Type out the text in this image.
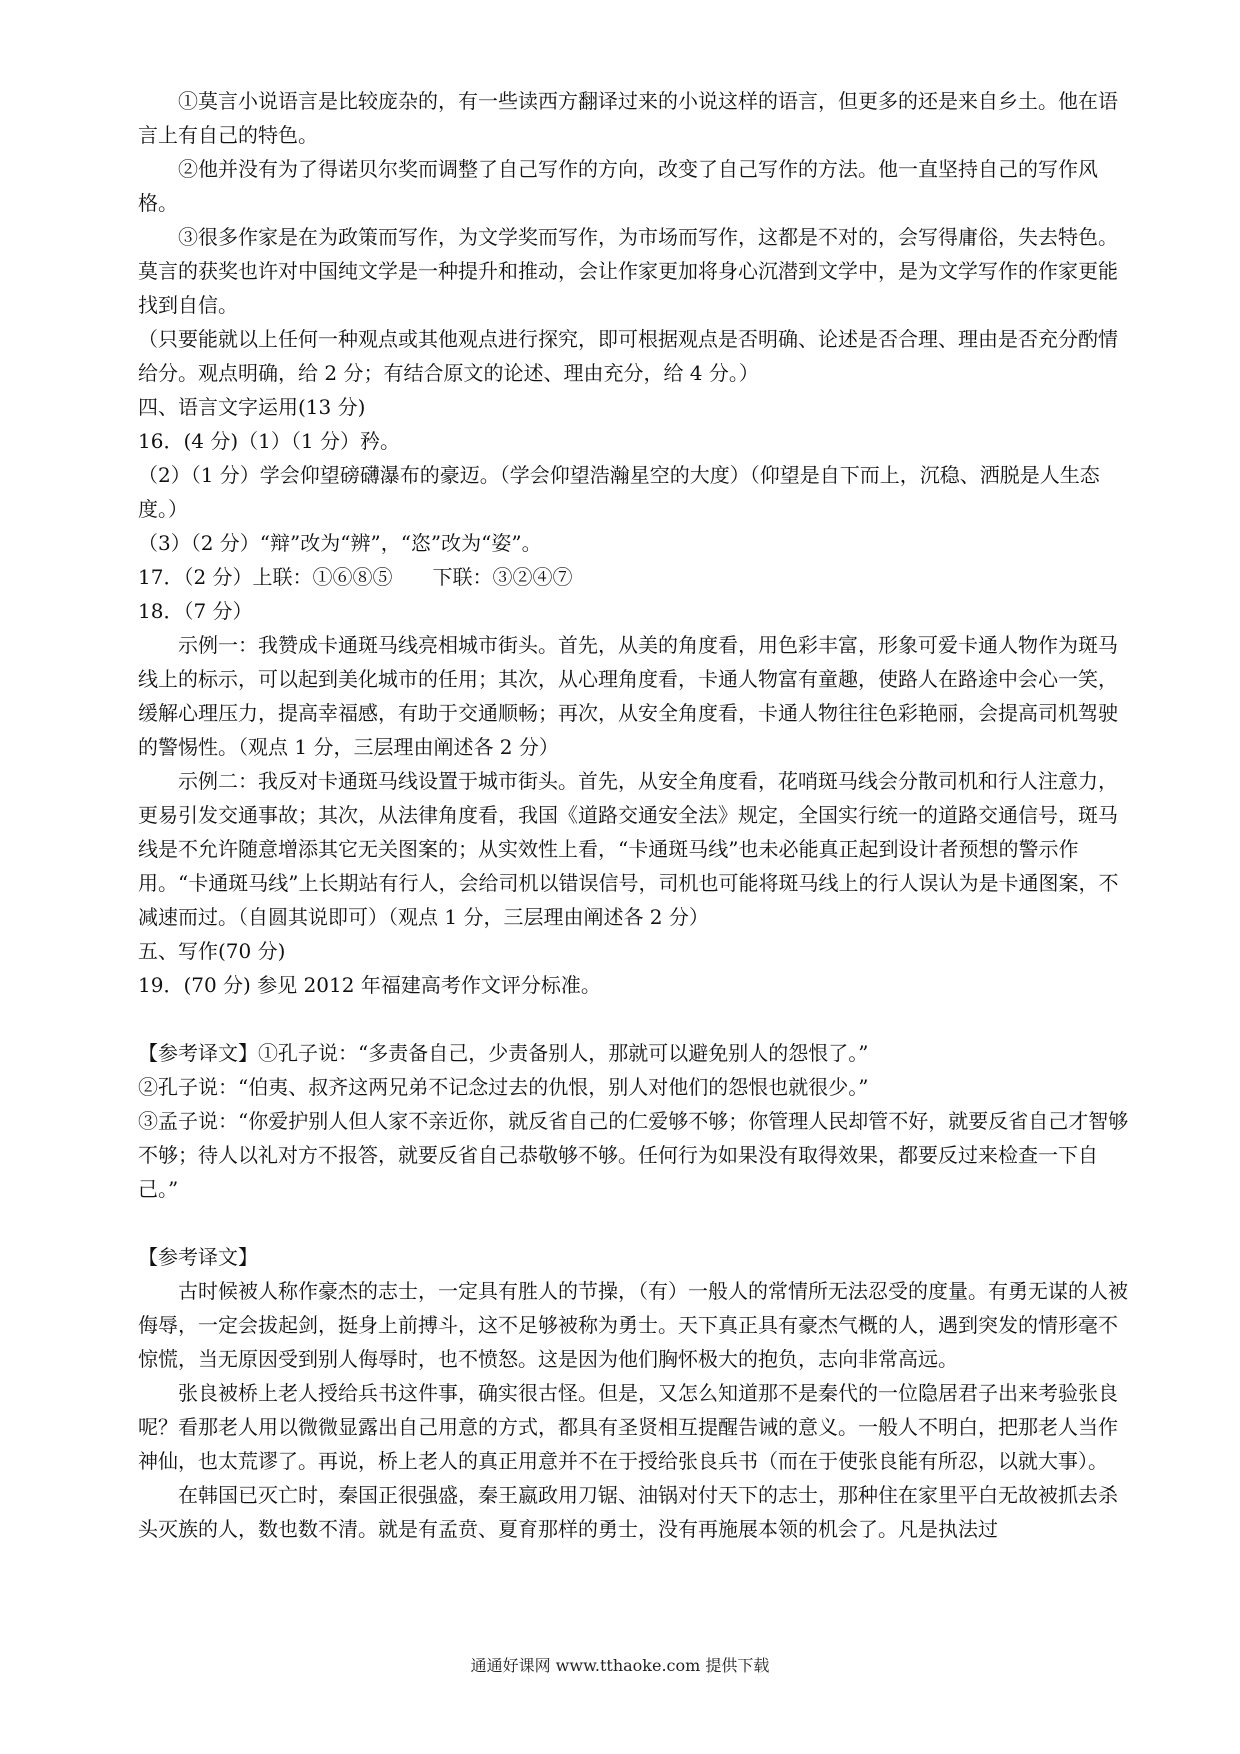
①莫言小说语言是比较庞杂的，有一些读西方翻译过来的小说这样的语言，但更多的还是来自乡土。他在语言上有自己的特色。

②他并没有为了得诺贝尔奖而调整了自己写作的方向，改变了自己写作的方法。他一直坚持自己的写作风格。

③很多作家是在为政策而写作，为文学奖而写作，为市场而写作，这都是不对的，会写得庸俗，失去特色。莫言的获奖也许对中国纯文学是一种提升和推动，会让作家更加将身心沉潜到文学中，是为文学写作的作家更能找到自信。

（只要能就以上任何一种观点或其他观点进行探究，即可根据观点是否明确、论述是否合理、理由是否充分酌情给分。观点明确，给 2 分；有结合原文的论述、理由充分，给 4 分。）

四、语言文字运用(13 分)

16．(4 分)（1）（1 分）矜。

（2）（1 分）学会仰望磅礴瀑布的豪迈。（学会仰望浩瀚星空的大度）（仰望是自下而上，沉稳、洒脱是人生态度。）

（3）（2 分）“辩”改为“辨”，“恣”改为“姿”。

17．（2 分）上联：①⑥⑧⑤　　下联：③②④⑦

18．（7 分）

示例一：我赞成卡通斑马线亮相城市街头。首先，从美的角度看，用色彩丰富，形象可爱卡通人物作为斑马线上的标示，可以起到美化城市的任用；其次，从心理角度看，卡通人物富有童趣，使路人在路途中会心一笑，缓解心理压力，提高幸福感，有助于交通顺畅；再次，从安全角度看，卡通人物往往色彩艳丽，会提高司机驾驶的警惕性。（观点 1 分，三层理由阐述各 2 分）

示例二：我反对卡通斑马线设置于城市街头。首先，从安全角度看，花哨斑马线会分散司机和行人注意力，更易引发交通事故；其次，从法律角度看，我国《道路交通安全法》规定，全国实行统一的道路交通信号，斑马线是不允许随意增添其它无关图案的；从实效性上看，“卡通斑马线”也未必能真正起到设计者预想的警示作用。“卡通斑马线”上长期站有行人，会给司机以错误信号，司机也可能将斑马线上的行人误认为是卡通图案，不减速而过。（自圆其说即可）（观点 1 分，三层理由阐述各 2 分）

五、写作(70 分)

19．(70 分) 参见 2012 年福建高考作文评分标准。

【参考译文】①孔子说：“多责备自己，少责备别人，那就可以避免别人的怨恨了。”

②孔子说：“伯夷、叔齐这两兄弟不记念过去的仇恨，别人对他们的怨恨也就很少。”

③孟子说：“你爱护别人但人家不亲近你，就反省自己的仁爱够不够；你管理人民却管不好，就要反省自己才智够不够；待人以礼对方不报答，就要反省自己恭敬够不够。任何行为如果没有取得效果，都要反过来检查一下自己。”

【参考译文】

古时候被人称作豪杰的志士，一定具有胜人的节操，（有）一般人的常情所无法忍受的度量。有勇无谋的人被侮辱，一定会拔起剑，挺身上前搏斗，这不足够被称为勇士。天下真正具有豪杰气概的人，遇到突发的情形毫不惊慌，当无原因受到别人侮辱时，也不愤怒。这是因为他们胸怀极大的抱负，志向非常高远。

张良被桥上老人授给兵书这件事，确实很古怪。但是，又怎么知道那不是秦代的一位隐居君子出来考验张良呢？看那老人用以微微显露出自己用意的方式，都具有圣贤相互提醒告诫的意义。一般人不明白，把那老人当作神仙，也太荒谬了。再说，桥上老人的真正用意并不在于授给张良兵书（而在于使张良能有所忍，以就大事）。

在韩国已灭亡时，秦国正很强盛，秦王嬴政用刀锯、油锅对付天下的志士，那种住在家里平白无故被抓去杀头灭族的人，数也数不清。就是有孟贲、夏育那样的勇士，没有再施展本领的机会了。凡是执法过

通通好课网 www.tthaoke.com 提供下载
